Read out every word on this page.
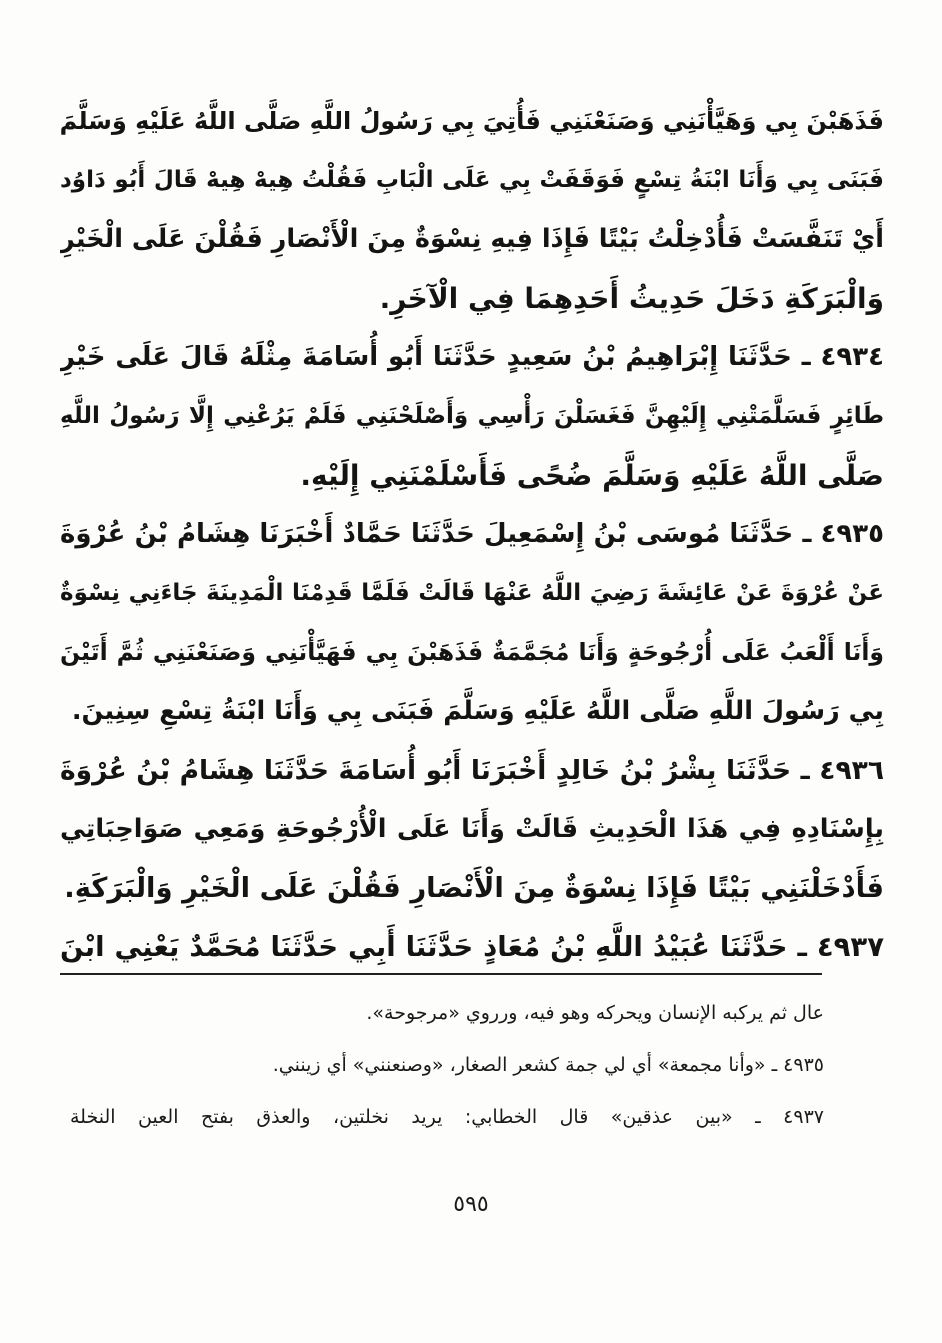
فَذَهَبْنَ بِي وَهَيَّأْنَنِي وَصَنَعْنَنِي فَأُتِيَ بِي رَسُولُ اللَّهِ صَلَّى اللَّهُ عَلَيْهِ وَسَلَّمَ
فَبَنَى بِي وَأَنَا ابْنَةُ تِسْعٍ فَوَقَفَتْ بِي عَلَى الْبَابِ فَقُلْتُ هِيهْ هِيهْ قَالَ أَبُو دَاوُد
أَيْ تَنَفَّسَتْ فَأُدْخِلْتُ بَيْتًا فَإِذَا فِيهِ نِسْوَةٌ مِنَ الْأَنْصَارِ فَقُلْنَ عَلَى الْخَيْرِ
وَالْبَرَكَةِ دَخَلَ حَدِيثُ أَحَدِهِمَا فِي الْآخَرِ.
٤٩٣٤ ـ حَدَّثَنَا إِبْرَاهِيمُ بْنُ سَعِيدٍ حَدَّثَنَا أَبُو أُسَامَةَ مِثْلَهُ قَالَ عَلَى خَيْرِ
طَائِرٍ فَسَلَّمَتْنِي إِلَيْهِنَّ فَغَسَلْنَ رَأْسِي وَأَصْلَحْنَنِي فَلَمْ يَرُعْنِي إِلَّا رَسُولُ اللَّهِ
صَلَّى اللَّهُ عَلَيْهِ وَسَلَّمَ ضُحًى فَأَسْلَمْنَنِي إِلَيْهِ.
٤٩٣٥ ـ حَدَّثَنَا مُوسَى بْنُ إِسْمَعِيلَ حَدَّثَنَا حَمَّادٌ أَخْبَرَنَا هِشَامُ بْنُ عُرْوَةَ
عَنْ عُرْوَةَ عَنْ عَائِشَةَ رَضِيَ اللَّهُ عَنْهَا قَالَتْ فَلَمَّا قَدِمْنَا الْمَدِينَةَ جَاءَنِي نِسْوَةٌ
وَأَنَا أَلْعَبُ عَلَى أُرْجُوحَةٍ وَأَنَا مُجَمَّمَةٌ فَذَهَبْنَ بِي فَهَيَّأْنَنِي وَصَنَعْنَنِي ثُمَّ أَتَيْنَ
بِي رَسُولَ اللَّهِ صَلَّى اللَّهُ عَلَيْهِ وَسَلَّمَ فَبَنَى بِي وَأَنَا ابْنَةُ تِسْعِ سِنِينَ.
٤٩٣٦ ـ حَدَّثَنَا بِشْرُ بْنُ خَالِدٍ أَخْبَرَنَا أَبُو أُسَامَةَ حَدَّثَنَا هِشَامُ بْنُ عُرْوَةَ
بِإِسْنَادِهِ فِي هَذَا الْحَدِيثِ قَالَتْ وَأَنَا عَلَى الْأُرْجُوحَةِ وَمَعِي صَوَاحِبَاتِي
فَأَدْخَلْنَنِي بَيْتًا فَإِذَا نِسْوَةٌ مِنَ الْأَنْصَارِ فَقُلْنَ عَلَى الْخَيْرِ وَالْبَرَكَةِ.
٤٩٣٧ ـ حَدَّثَنَا عُبَيْدُ اللَّهِ بْنُ مُعَاذٍ حَدَّثَنَا أَبِي حَدَّثَنَا مُحَمَّدٌ يَعْنِي ابْنَ
عال ثم يركبه الإنسان ويحركه وهو فيه، ورروي «مرجوحة».
٤٩٣٥ ـ «وأنا مجمعة» أي لي جمة كشعر الصغار، «وصنعنني» أي زينني.
٤٩٣٧ ـ «بين عذقين» قال الخطابي: يريد نخلتين، والعذق بفتح العين النخلة
٥٩٥
